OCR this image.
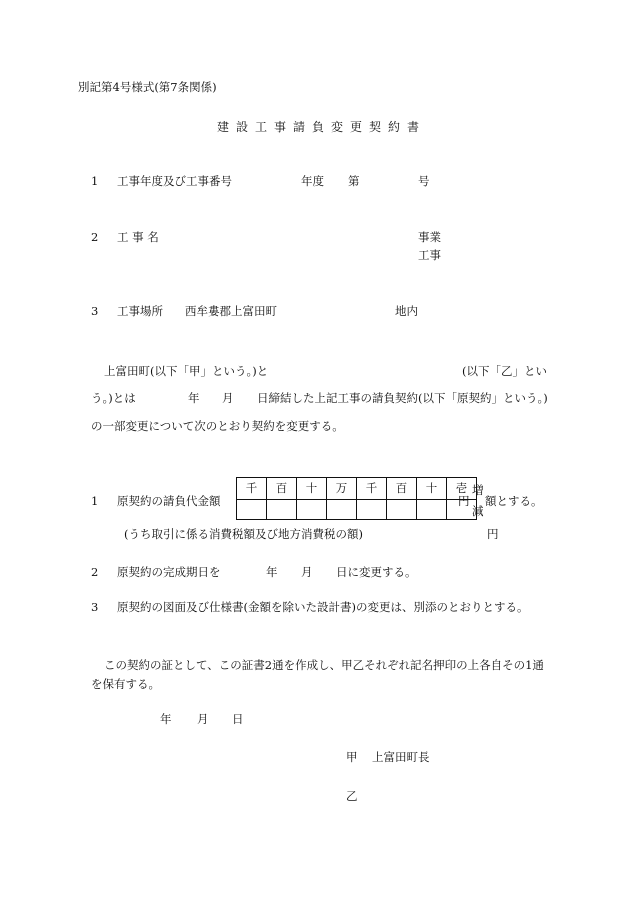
別記第4号様式(第7条関係)
建設工事請負変更契約書
1 工事年度及び工事番号	年度 第	号
2 工 事 名	事業
工事
3 工事場所 西牟婁郡上富田町	地内
上富田町(以下「甲」という。)と	(以下「乙」とい
う。)とは	年 月 日締結した上記工事の請負契約(以下「原契約」という。)
の一部変更について次のとおり契約を変更する。
1 原契約の請負代金額
千	百	十	万	千	百	十	壱

円
増
減
額とする。
(うち取引に係る消費税額及び地方消費税の額)	円
2 原契約の完成期日を	年 月 日に変更する。
3 原契約の図面及び仕様書(金額を除いた設計書)の変更は、別添のとおりとする。
この契約の証として、この証書2通を作成し、甲乙それぞれ記名押印の上各自その1通
を保有する。
年 月 日
甲 上富田町長
乙
